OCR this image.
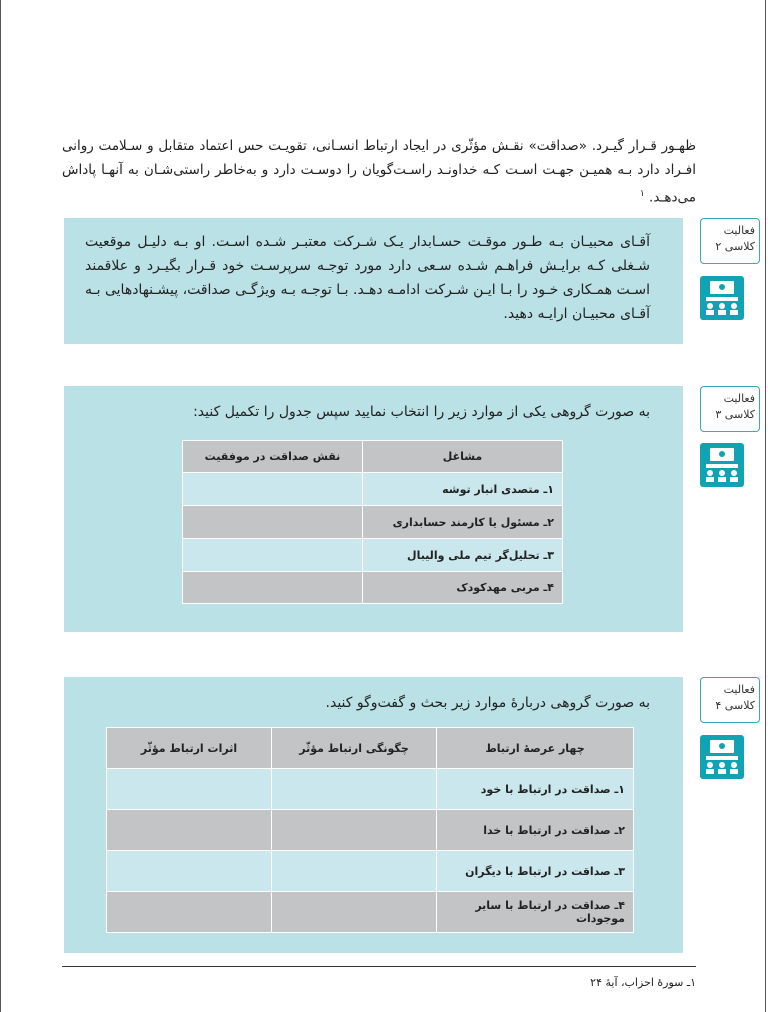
ظهـور قـرار گیـرد. «صداقت» نقـش مؤثّری در ایجاد ارتباط انسـانی، تقویـت حس اعتماد متقابل و سـلامت روانی افـراد دارد بـه همیـن جهـت اسـت کـه خداونـد راسـت‌گویان را دوسـت دارد و به‌خاطر راستی‌شـان به آنهـا پاداش می‌دهـد. $^۱$
آقـای محبیـان بـه طـور موقـت حسـابدار یـک شـرکت معتبـر شـده اسـت. او بـه دلیـل موقعیت شـغلی کـه برایـش فراهـم شـده سـعی دارد مورد توجـه سرپرسـت خود قـرار بگیـرد و علاقمند اسـت همـکاری خـود را بـا ایـن شـرکت ادامـه دهـد. بـا توجـه بـه ویژگـی صداقت، پیشـنهادهایی بـه آقـای محبیـان ارایـه دهید.
فعالیت
کلاسی ۲
به صورت گروهی یکی از موارد زیر را انتخاب نمایید سپس جدول را تکمیل کنید:
مشاغل	نقش صداقت در موفقیت
۱ـ متصدی انبار توشه	
۲ـ مسئول یا کارمند حسابداری	
۳ـ تحلیل‌گر تیم ملی والیبال	
۴ـ مربی مهدکودک	
فعالیت
کلاسی ۳
به صورت گروهی دربارهٔ موارد زیر بحث و گفت‌وگو کنید.
چهار عرصهٔ ارتباط	چگونگی ارتباط مؤثّر	اثرات ارتباط مؤثّر
۱ـ صداقت در ارتباط با خود		
۲ـ صداقت در ارتباط با خدا		
۳ـ صداقت در ارتباط با دیگران		
۴ـ صداقت در ارتباط با سایر موجودات		
فعالیت
کلاسی ۴
۱ـ سورهٔ احزاب، آیهٔ ۲۴
